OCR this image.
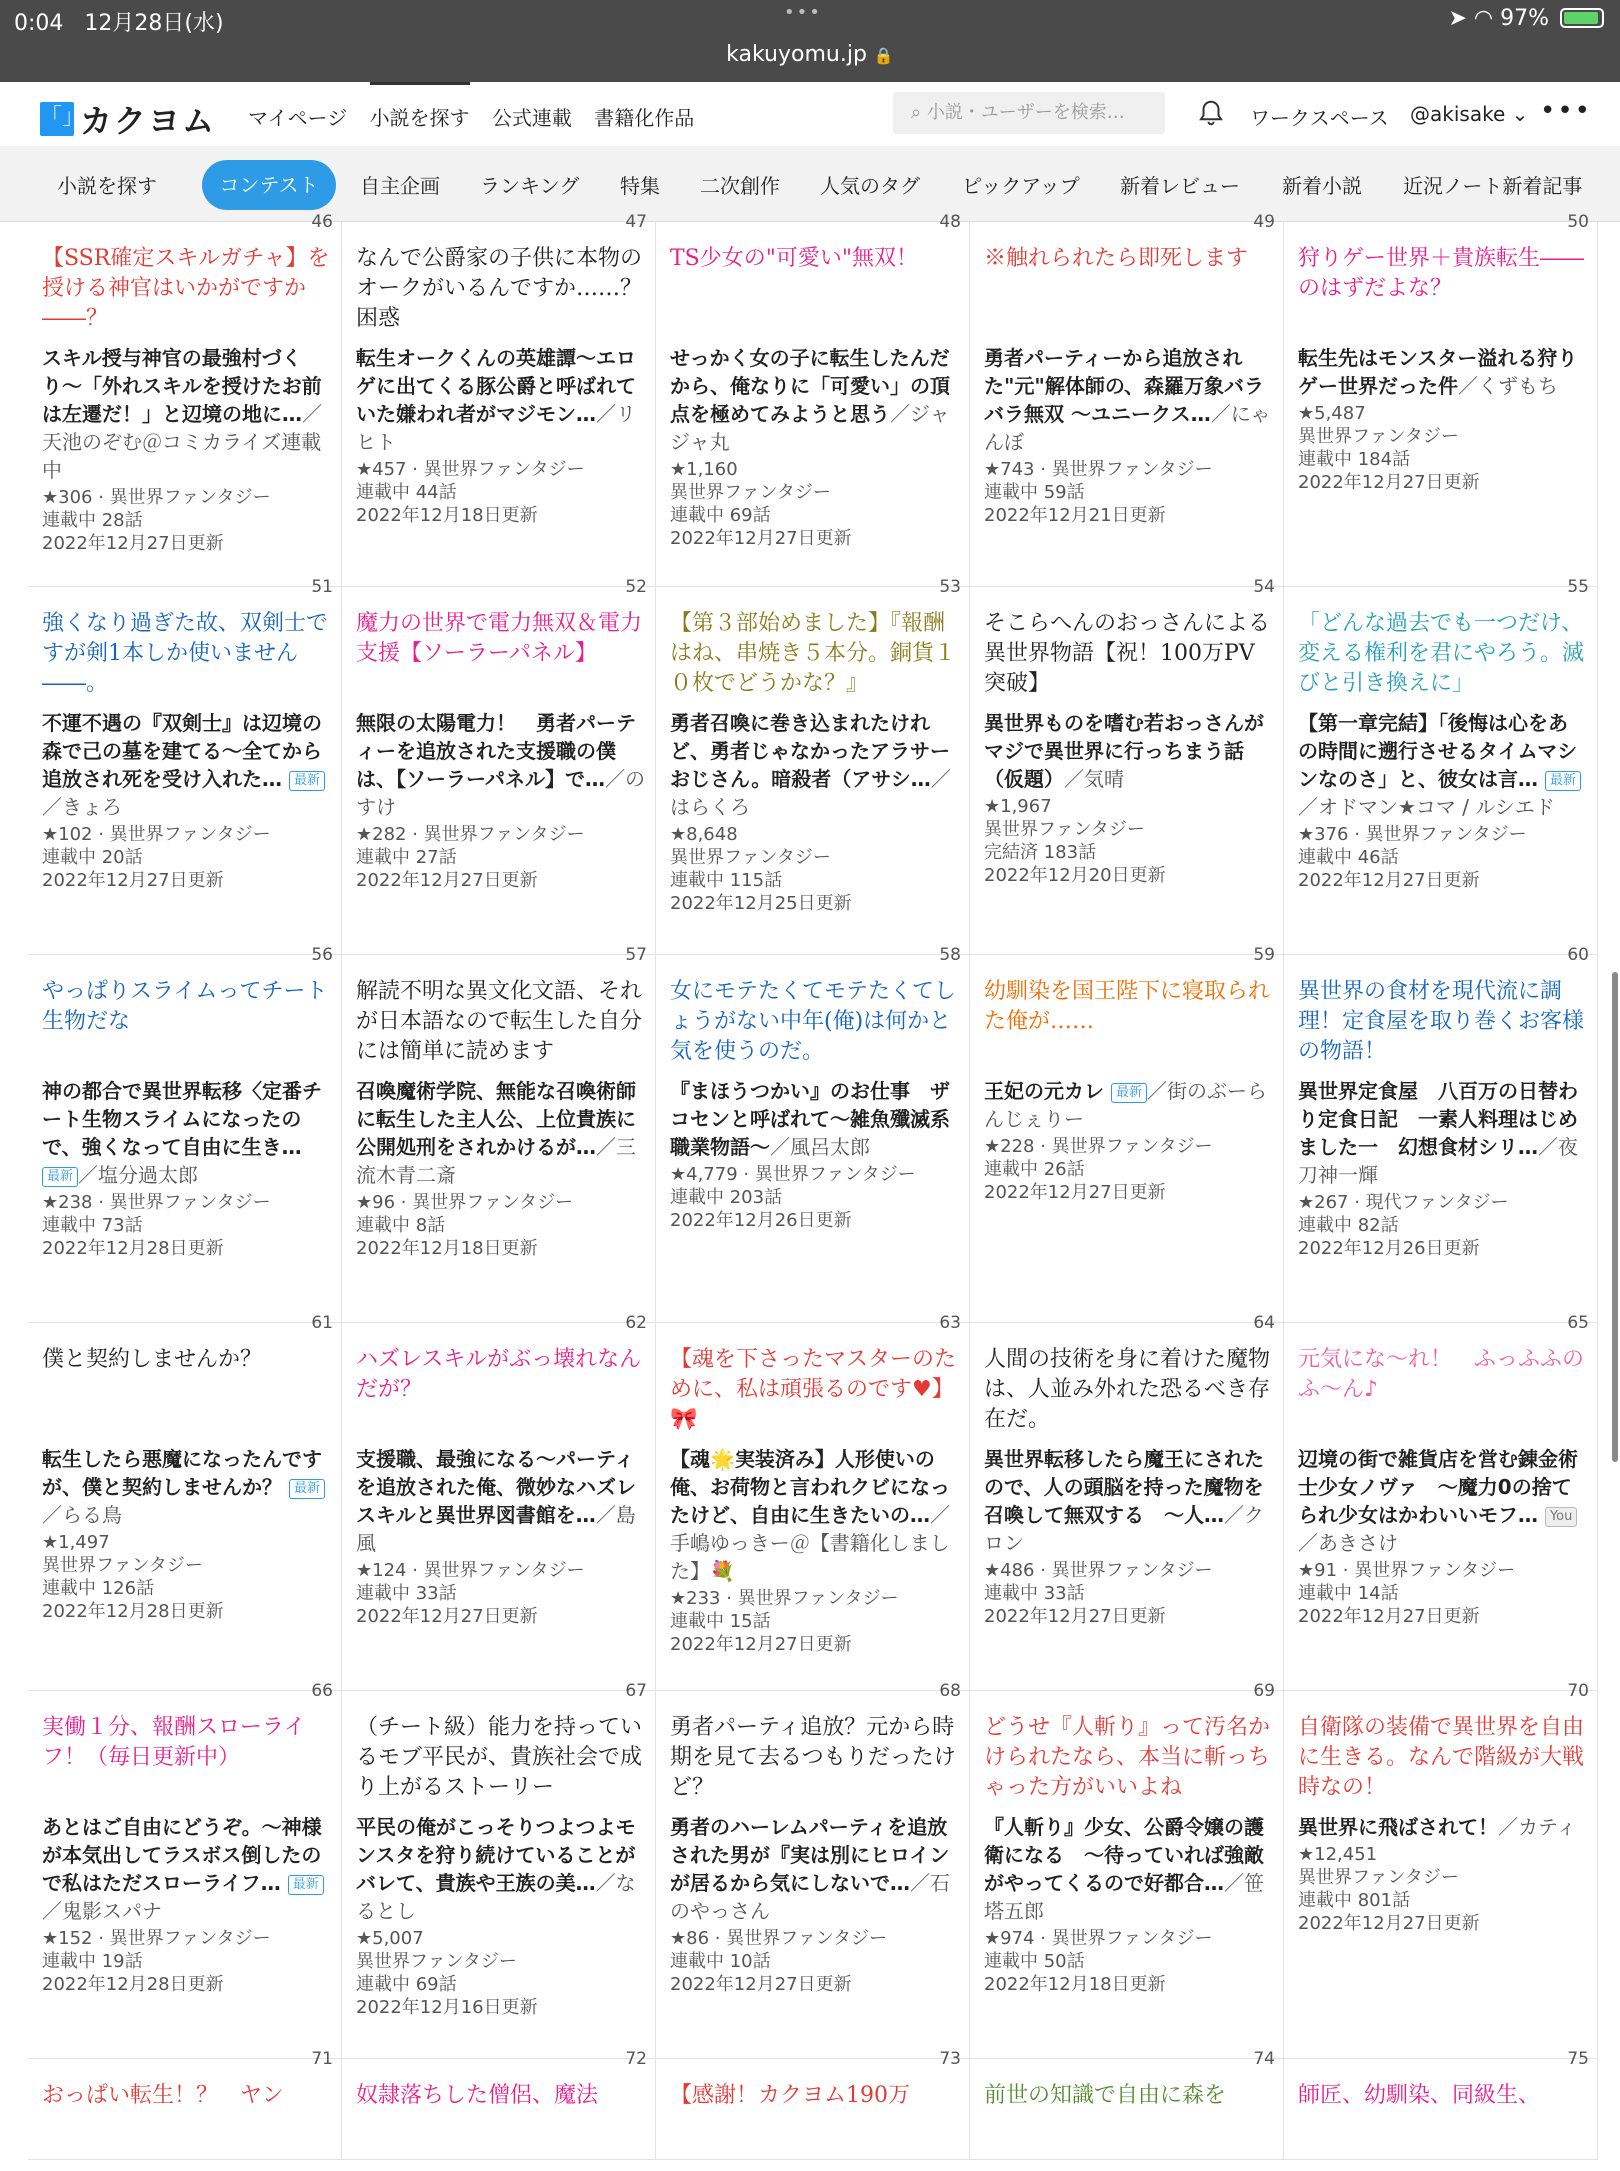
0:04 12月28日(水)	•••	➤ ◠ 97%
kakuyomu.jp 🔒
「」カクヨム マイページ 小説を探す 公式連載 書籍化作品	⌕ 小説・ユーザーを検索…	ワークスペース @akisake ⌄ •••
小説を探す	コンテスト	自主企画 ランキング 特集 二次創作 人気のタグ ピックアップ 新着レビュー 新着小説 近況ノート新着記事
46
【SSR確定スキルガチャ】を授ける神官はいかがですか――？
スキル授与神官の最強村づくり〜「外れスキルを授けたお前は左遷だ！」と辺境の地に…／天池のぞむ＠コミカライズ連載中
★306 · 異世界ファンタジー
連載中 28話
2022年12月27日更新
47
なんで公爵家の子供に本物のオークがいるんですか……？困惑
転生オークくんの英雄譚〜エロゲに出てくる豚公爵と呼ばれていた嫌われ者がマジモン…／リヒト
★457 · 異世界ファンタジー
連載中 44話
2022年12月18日更新
48
TS少女の"可愛い"無双！
せっかく女の子に転生したんだから、俺なりに「可愛い」の頂点を極めてみようと思う／ジャジャ丸
★1,160
異世界ファンタジー
連載中 69話
2022年12月27日更新
49
※触れられたら即死します
勇者パーティーから追放された"元"解体師の、森羅万象バラバラ無双 〜ユニークス…／にゃんぼ
★743 · 異世界ファンタジー
連載中 59話
2022年12月21日更新
50
狩りゲー世界＋貴族転生――のはずだよな？
転生先はモンスター溢れる狩りゲー世界だった件／くずもち
★5,487
異世界ファンタジー
連載中 184話
2022年12月27日更新
51
強くなり過ぎた故、双剣士ですが剣1本しか使いません――。
不運不遇の『双剣士』は辺境の森で己の墓を建てる〜全てから追放され死を受け入れた… 最新／きょろ
★102 · 異世界ファンタジー
連載中 20話
2022年12月27日更新
52
魔力の世界で電力無双＆電力支援【ソーラーパネル】
無限の太陽電力！　勇者パーティーを追放された支援職の僕は、【ソーラーパネル】で…／のすけ
★282 · 異世界ファンタジー
連載中 27話
2022年12月27日更新
53
【第３部始めました】『報酬はね、串焼き５本分。銅貨１０枚でどうかな？』
勇者召喚に巻き込まれたけれど、勇者じゃなかったアラサーおじさん。暗殺者（アサシ…／はらくろ
★8,648
異世界ファンタジー
連載中 115話
2022年12月25日更新
54
そこらへんのおっさんによる異世界物語【祝！100万PV突破】
異世界ものを嗜む若おっさんがマジで異世界に行っちまう話（仮題）／気晴
★1,967
異世界ファンタジー
完結済 183話
2022年12月20日更新
55
「どんな過去でも一つだけ、変える権利を君にやろう。滅びと引き換えに」
【第一章完結】「後悔は心をあの時間に遡行させるタイムマシンなのさ」と、彼女は言… 最新／オドマン★コマ / ルシエド
★376 · 異世界ファンタジー
連載中 46話
2022年12月27日更新
56
やっぱりスライムってチート生物だな
神の都合で異世界転移〈定番チート生物スライムになったので、強くなって自由に生き… 最新 ／塩分過太郎
★238 · 異世界ファンタジー
連載中 73話
2022年12月28日更新
57
解読不明な異文化文語、それが日本語なので転生した自分には簡単に読めます
召喚魔術学院、無能な召喚術師に転生した主人公、上位貴族に公開処刑をされかけるが…／三流木青二斎
★96 · 異世界ファンタジー
連載中 8話
2022年12月18日更新
58
女にモテたくてモテたくてしょうがない中年(俺)は何かと気を使うのだ。
『まほうつかい』のお仕事　ザコセンと呼ばれて〜雑魚殲滅系職業物語〜／風呂太郎
★4,779 · 異世界ファンタジー
連載中 203話
2022年12月26日更新
59
幼馴染を国王陛下に寝取られた俺が……
王妃の元カレ 最新 ／街のぶーらんじぇりー
★228 · 異世界ファンタジー
連載中 26話
2022年12月27日更新
60
異世界の食材を現代流に調理！定食屋を取り巻くお客様の物語！
異世界定食屋　八百万の日替わり定食日記　一素人料理はじめました一　幻想食材シリ…／夜刀神一輝
★267 · 現代ファンタジー
連載中 82話
2022年12月26日更新
61
僕と契約しませんか？
転生したら悪魔になったんですが、僕と契約しませんか？ 最新／らる鳥
★1,497
異世界ファンタジー
連載中 126話
2022年12月28日更新
62
ハズレスキルがぶっ壊れなんだが？
支援職、最強になる〜パーティを追放された俺、微妙なハズレスキルと異世界図書館を…／島風
★124 · 異世界ファンタジー
連載中 33話
2022年12月27日更新
63
【魂を下さったマスターのために、私は頑張るのです♥】🎀
【魂🌟実装済み】人形使いの俺、お荷物と言われクビになったけど、自由に生きたいの…／手嶋ゆっきー＠【書籍化しました】💐
★233 · 異世界ファンタジー
連載中 15話
2022年12月27日更新
64
人間の技術を身に着けた魔物は、人並み外れた恐るべき存在だ。
異世界転移したら魔王にされたので、人の頭脳を持った魔物を召喚して無双する　〜人…／クロン
★486 · 異世界ファンタジー
連載中 33話
2022年12月27日更新
65
元気にな〜れ！　ふっふふのふ〜ん♪
辺境の街で雑貨店を営む錬金術士少女ノヴァ　〜魔力0の捨てられ少女はかわいいモフ… You／あきさけ
★91 · 異世界ファンタジー
連載中 14話
2022年12月27日更新
66
実働１分、報酬スローライフ！（毎日更新中）
あとはご自由にどうぞ。〜神様が本気出してラスボス倒したので私はただスローライフ… 最新／鬼影スパナ
★152 · 異世界ファンタジー
連載中 19話
2022年12月28日更新
67
（チート級）能力を持っているモブ平民が、貴族社会で成り上がるストーリー
平民の俺がこっそりつよつよモンスタを狩り続けていることがバレて、貴族や王族の美…／なるとし
★5,007
異世界ファンタジー
連載中 69話
2022年12月16日更新
68
勇者パーティ追放？元から時期を見て去るつもりだったけど？
勇者のハーレムパーティを追放された男が『実は別にヒロインが居るから気にしないで…／石のやっさん
★86 · 異世界ファンタジー
連載中 10話
2022年12月27日更新
69
どうせ『人斬り』って汚名かけられたなら、本当に斬っちゃった方がいいよね
『人斬り』少女、公爵令嬢の護衛になる　〜待っていれば強敵がやってくるので好都合…／笹塔五郎
★974 · 異世界ファンタジー
連載中 50話
2022年12月18日更新
70
自衛隊の装備で異世界を自由に生きる。なんで階級が大戦時なの！
異世界に飛ばされて！／カティ
★12,451
異世界ファンタジー
連載中 801話
2022年12月27日更新
71
おっぱい転生！？　ヤン
72
奴隷落ちした僧侶、魔法
73
【感謝！カクヨム190万
74
前世の知識で自由に森を
75
師匠、幼馴染、同級生、
